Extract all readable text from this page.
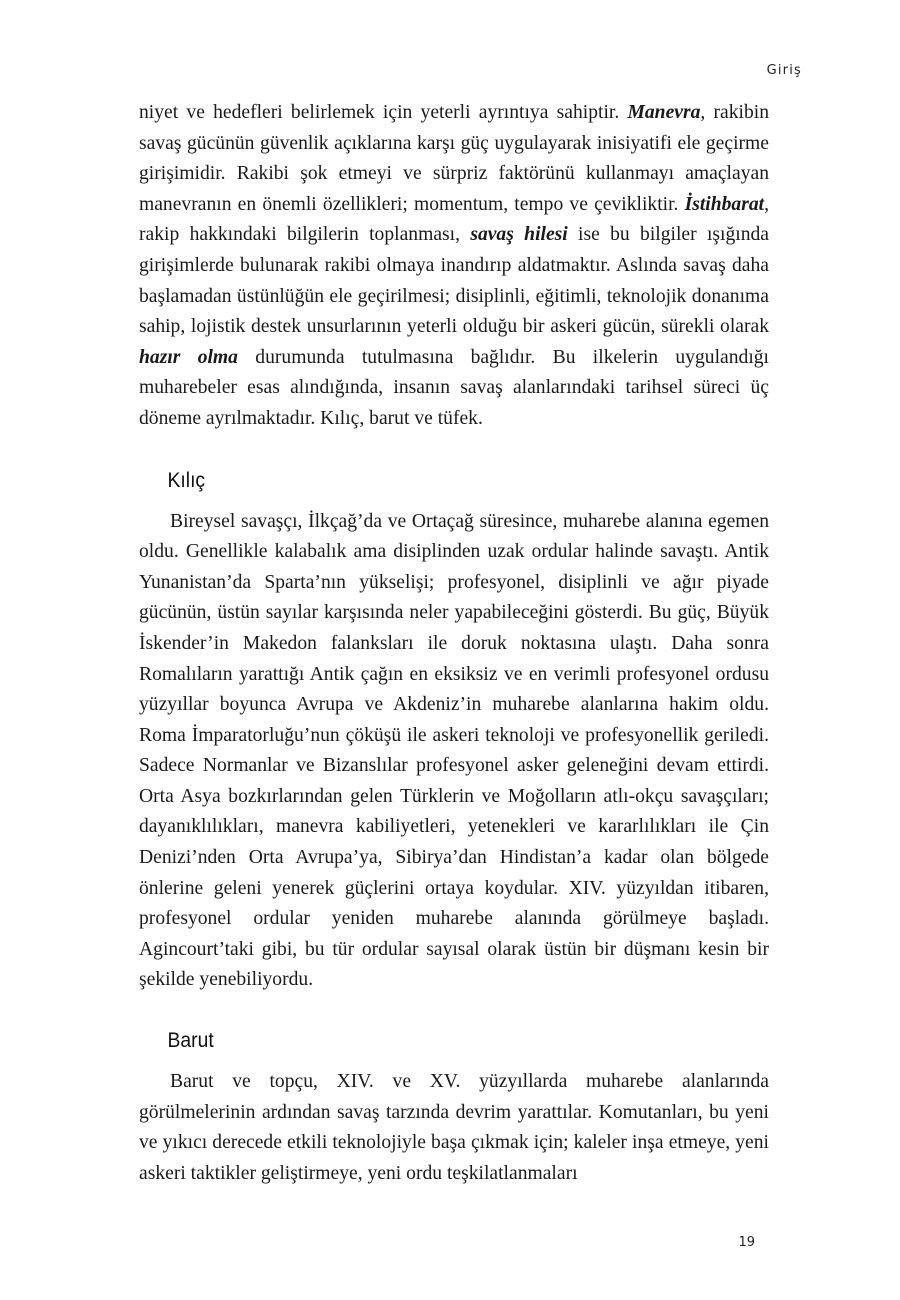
Giriş

niyet ve hedefleri belirlemek için yeterli ayrıntıya sahiptir. Manevra, rakibin savaş gücünün güvenlik açıklarına karşı güç uygulayarak inisiyatifi ele geçirme girişimidir. Rakibi şok etmeyi ve sürpriz faktörünü kullanmayı amaçlayan manevranın en önemli özellikleri; momentum, tempo ve çevikliktir. İstihbarat, rakip hakkındaki bilgilerin toplanması, savaş hilesi ise bu bilgiler ışığında girişimlerde bulunarak rakibi olmaya inandırıp aldatmaktır. Aslında savaş daha başlamadan üstünlüğün ele geçirilmesi; disiplinli, eğitimli, teknolojik donanıma sahip, lojistik destek unsurlarının yeterli olduğu bir askeri gücün, sürekli olarak hazır olma durumunda tutulmasına bağlıdır. Bu ilkelerin uygulandığı muharebeler esas alındığında, insanın savaş alanlarındaki tarihsel süreci üç döneme ayrılmaktadır. Kılıç, barut ve tüfek.

Kılıç

Bireysel savaşçı, İlkçağ’da ve Ortaçağ süresince, muharebe alanına egemen oldu. Genellikle kalabalık ama disiplinden uzak ordular halinde savaştı. Antik Yunanistan’da Sparta’nın yükselişi; profesyonel, disiplinli ve ağır piyade gücünün, üstün sayılar karşısında neler yapabileceğini gösterdi. Bu güç, Büyük İskender’in Makedon falanksları ile doruk noktasına ulaştı. Daha sonra Romalıların yarattığı Antik çağın en eksiksiz ve en verimli profesyonel ordusu yüzyıllar boyunca Avrupa ve Akdeniz’in muharebe alanlarına hakim oldu. Roma İmparatorluğu’nun çöküşü ile askeri teknoloji ve profesyonellik geriledi. Sadece Normanlar ve Bizanslılar profesyonel asker geleneğini devam ettirdi. Orta Asya bozkırlarından gelen Türklerin ve Moğolların atlı-okçu savaşçıları; dayanıklılıkları, manevra kabiliyetleri, yetenekleri ve kararlılıkları ile Çin Denizi’nden Orta Avrupa’ya, Sibirya’dan Hindistan’a kadar olan bölgede önlerine geleni yenerek güçlerini ortaya koydular. XIV. yüzyıldan itibaren, profesyonel ordular yeniden muharebe alanında görülmeye başladı. Agincourt’taki gibi, bu tür ordular sayısal olarak üstün bir düşmanı kesin bir şekilde yenebiliyordu.

Barut

Barut ve topçu, XIV. ve XV. yüzyıllarda muharebe alanlarında görülmelerinin ardından savaş tarzında devrim yarattılar. Komutanları, bu yeni ve yıkıcı derecede etkili teknolojiyle başa çıkmak için; kaleler inşa etmeye, yeni askeri taktikler geliştirmeye, yeni ordu teşkilatlanmaları

19
